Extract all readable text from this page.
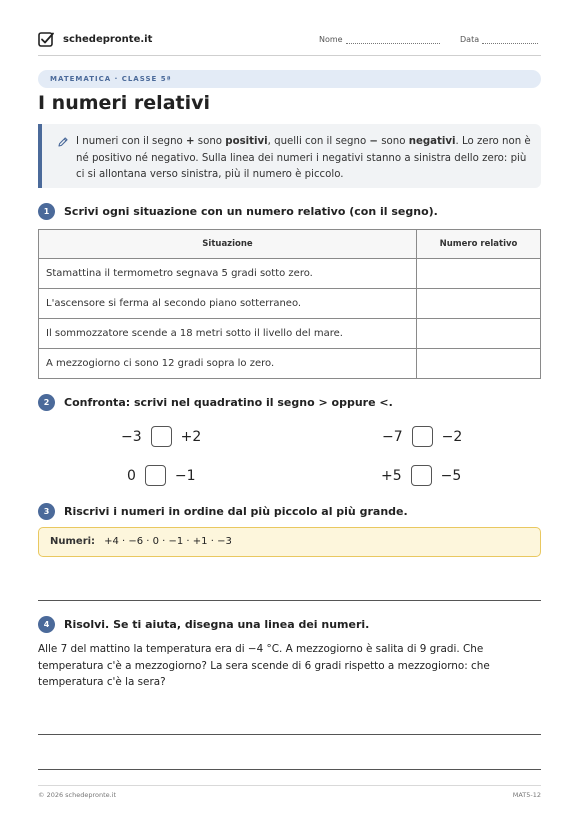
schedepronte.it	Nome	Data
MATEMATICA · CLASSE 5ª
I numeri relativi
I numeri con il segno + sono positivi, quelli con il segno − sono negativi. Lo zero non è né positivo né negativo. Sulla linea dei numeri i negativi stanno a sinistra dello zero: più ci si allontana verso sinistra, più il numero è piccolo.
1	Scrivi ogni situazione con un numero relativo (con il segno).
Situazione	Numero relativo
Stamattina il termometro segnava 5 gradi sotto zero.	
L'ascensore si ferma al secondo piano sotterraneo.	
Il sommozzatore scende a 18 metri sotto il livello del mare.	
A mezzogiorno ci sono 12 gradi sopra lo zero.	
2	Confronta: scrivi nel quadratino il segno > oppure <.
−3	+2	−7	−2
0	−1	+5	−5
3	Riscrivi i numeri in ordine dal più piccolo al più grande.
Numeri: +4 · −6 · 0 · −1 · +1 · −3
4	Risolvi. Se ti aiuta, disegna una linea dei numeri.
Alle 7 del mattino la temperatura era di −4 °C. A mezzogiorno è salita di 9 gradi. Che temperatura c'è a mezzogiorno? La sera scende di 6 gradi rispetto a mezzogiorno: che temperatura c'è la sera?
© 2026 schedepronte.it	MAT5-12
